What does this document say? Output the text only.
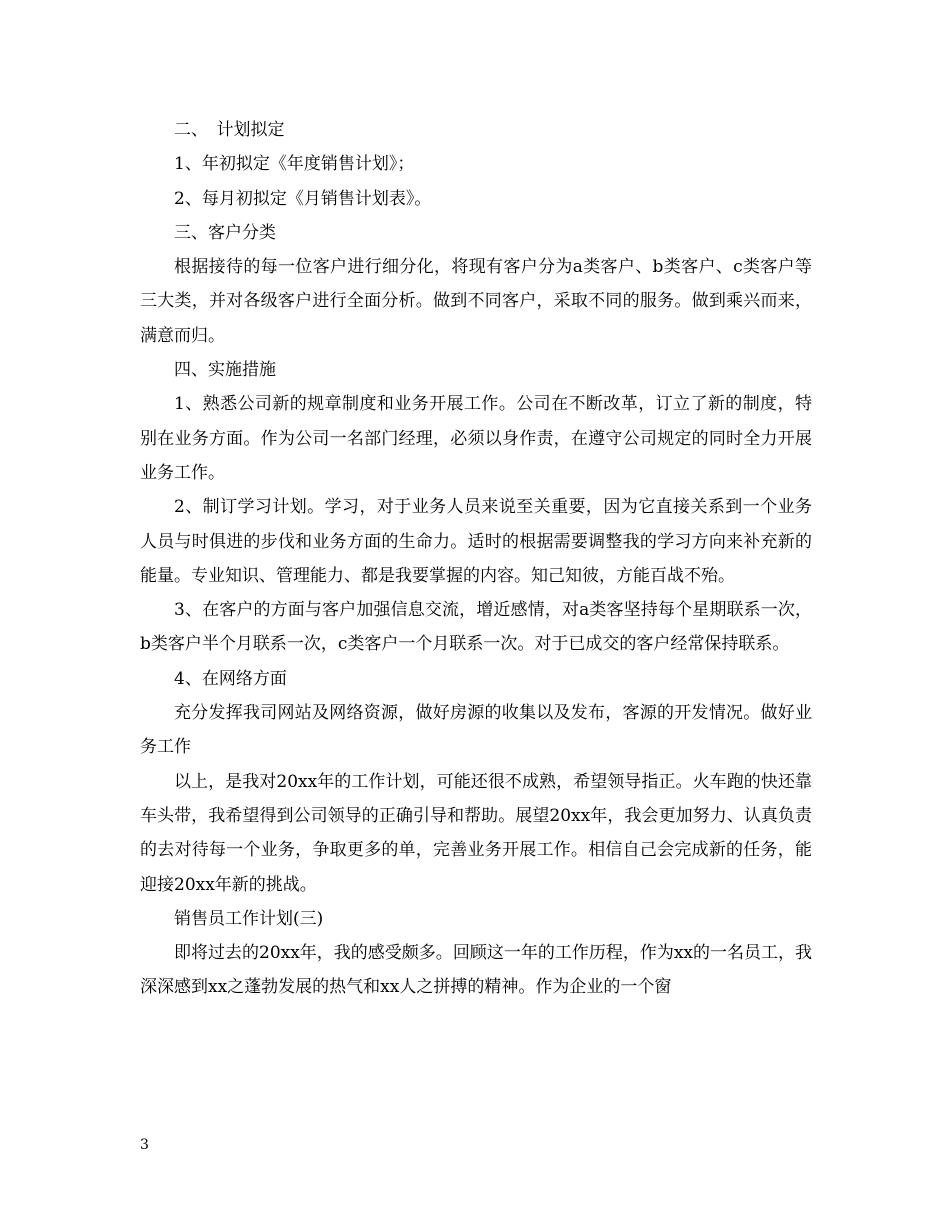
二、　计划拟定

1、年初拟定《年度销售计划》；

2、每月初拟定《月销售计划表》。

三、客户分类

根据接待的每一位客户进行细分化，将现有客户分为a类客户、b类客户、c类客户等三大类，并对各级客户进行全面分析。做到不同客户，采取不同的服务。做到乘兴而来，满意而归。

四、实施措施

1、熟悉公司新的规章制度和业务开展工作。公司在不断改革，订立了新的制度，特别在业务方面。作为公司一名部门经理，必须以身作责，在遵守公司规定的同时全力开展业务工作。

2、制订学习计划。学习，对于业务人员来说至关重要，因为它直接关系到一个业务人员与时俱进的步伐和业务方面的生命力。适时的根据需要调整我的学习方向来补充新的能量。专业知识、管理能力、都是我要掌握的内容。知己知彼，方能百战不殆。

3、在客户的方面与客户加强信息交流，增近感情，对a类客坚持每个星期联系一次，b类客户半个月联系一次，c类客户一个月联系一次。对于已成交的客户经常保持联系。

4、在网络方面

充分发挥我司网站及网络资源，做好房源的收集以及发布，客源的开发情况。做好业务工作

以上，是我对20xx年的工作计划，可能还很不成熟，希望领导指正。火车跑的快还靠车头带，我希望得到公司领导的正确引导和帮助。展望20xx年，我会更加努力、认真负责的去对待每一个业务，争取更多的单，完善业务开展工作。相信自己会完成新的任务，能迎接20xx年新的挑战。

销售员工作计划(三)

即将过去的20xx年，我的感受颇多。回顾这一年的工作历程，作为xx的一名员工，我深深感到xx之蓬勃发展的热气和xx人之拼搏的精神。作为企业的一个窗

3
